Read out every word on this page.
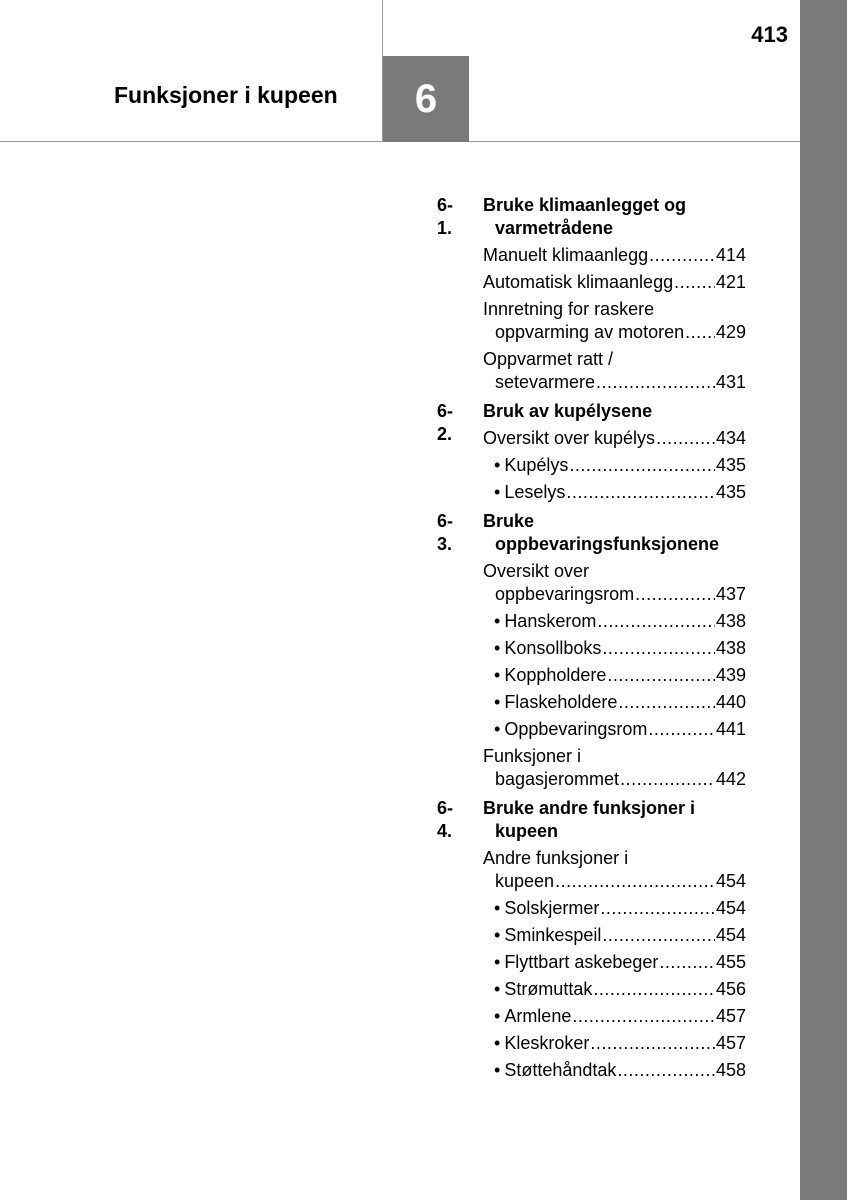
Funksjoner i kupeen 6
413
6-1.
Bruke klimaanlegget og
varmetrådene
Manuelt klimaanlegg .....	414
Automatisk klimaanlegg ..... 421
Innretning for raskere
oppvarming av motoren ..... 429
Oppvarmet ratt /
setevarmere .....	431
6-2.
Bruk av kupélysene
Oversikt over kupélys .....	434
• Kupélys .....	435
• Leselys .....	435
6-3.
Bruke
oppbevaringsfunksjonene
Oversikt over
oppbevaringsrom .....	437
• Hanskerom .....	438
• Konsollboks .....	438
• Koppholdere .....	439
• Flaskeholdere .....	440
• Oppbevaringsrom .....	441
Funksjoner i
bagasjerommet .....	442
6-4.
Bruke andre funksjoner i
kupeen
Andre funksjoner i
kupeen .....	454
• Solskjermer .....	454
• Sminkespeil .....	454
• Flyttbart askebeger .....	455
• Strømuttak .....	456
• Armlene .....	457
• Kleskroker .....	457
• Støttehåndtak .....	458
